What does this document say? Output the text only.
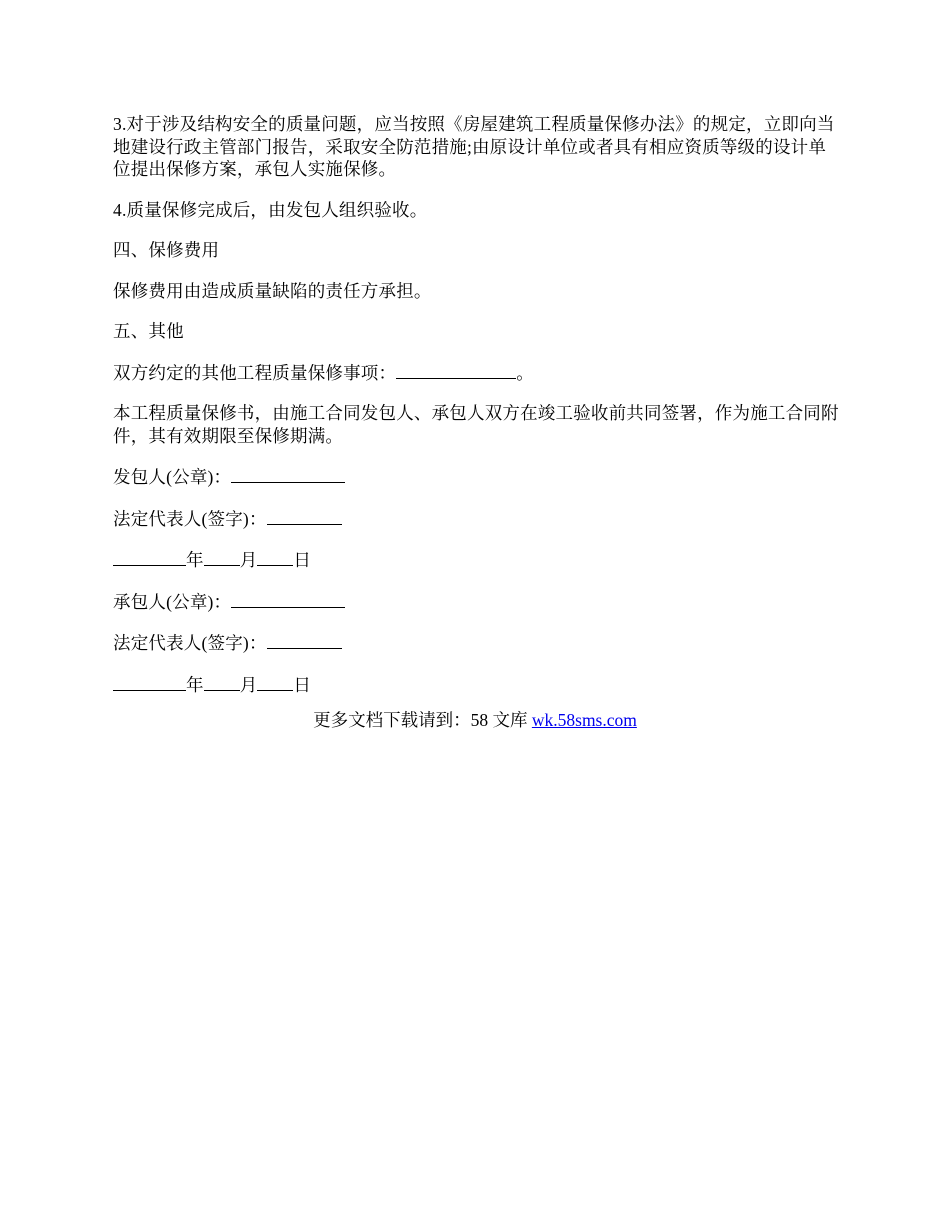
3.对于涉及结构安全的质量问题，应当按照《房屋建筑工程质量保修办法》的规定，立即向当地建设行政主管部门报告，采取安全防范措施;由原设计单位或者具有相应资质等级的设计单位提出保修方案，承包人实施保修。

4.质量保修完成后，由发包人组织验收。

四、保修费用

保修费用由造成质量缺陷的责任方承担。

五、其他

双方约定的其他工程质量保修事项：	。

本工程质量保修书，由施工合同发包人、承包人双方在竣工验收前共同签署，作为施工合同附件，其有效期限至保修期满。

发包人(公章)：

法定代表人(签字)：

年 月 日

承包人(公章)：

法定代表人(签字)：

年 月 日

更多文档下载请到：58 文库 wk.58sms.com
